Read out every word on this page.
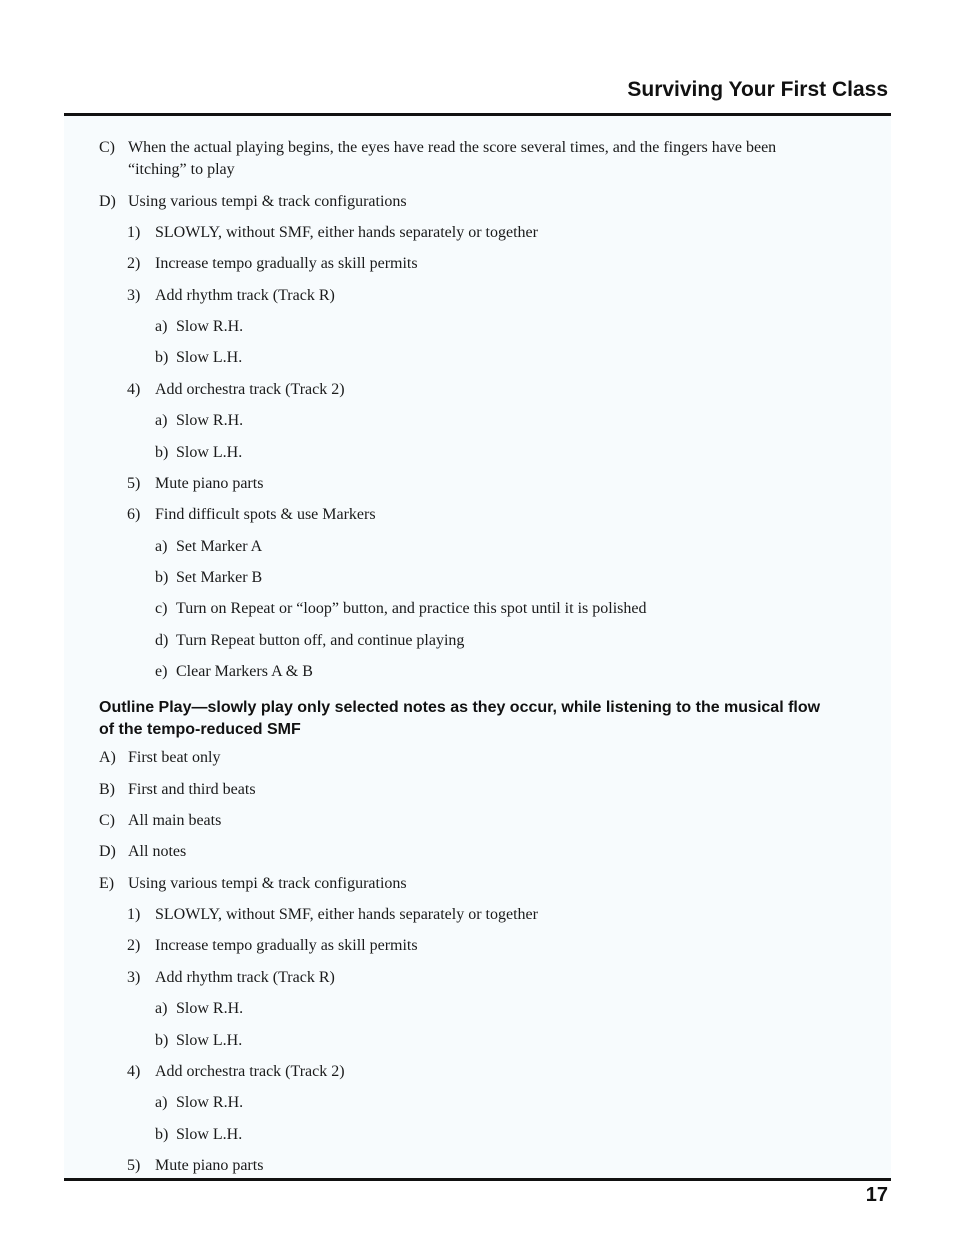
Surviving Your First Class
C) When the actual playing begins, the eyes have read the score several times, and the fingers have been
“itching” to play
D) Using various tempi & track configurations
1) SLOWLY, without SMF, either hands separately or together
2) Increase tempo gradually as skill permits
3) Add rhythm track (Track R)
a) Slow R.H.
b) Slow L.H.
4) Add orchestra track (Track 2)
a) Slow R.H.
b) Slow L.H.
5) Mute piano parts
6) Find difficult spots & use Markers
a) Set Marker A
b) Set Marker B
c) Turn on Repeat or “loop” button, and practice this spot until it is polished
d) Turn Repeat button off, and continue playing
e) Clear Markers A & B
Outline Play—slowly play only selected notes as they occur, while listening to the musical flow
of the tempo-reduced SMF
A) First beat only
B) First and third beats
C) All main beats
D) All notes
E) Using various tempi & track configurations
1) SLOWLY, without SMF, either hands separately or together
2) Increase tempo gradually as skill permits
3) Add rhythm track (Track R)
a) Slow R.H.
b) Slow L.H.
4) Add orchestra track (Track 2)
a) Slow R.H.
b) Slow L.H.
5) Mute piano parts
17
